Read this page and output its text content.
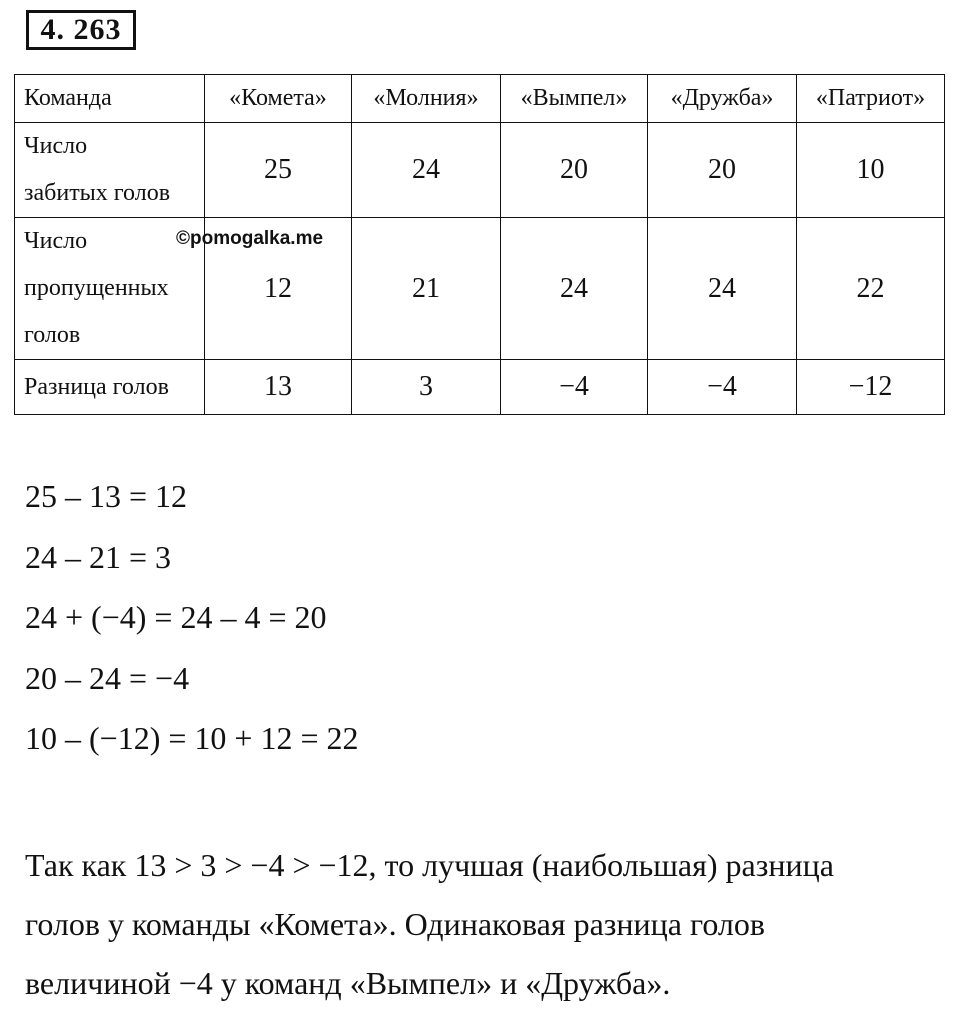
4. 263
Команда	«Комета»	«Молния»	«Вымпел»	«Дружба»	«Патриот»

Число
забитых голов	25	24	20	20	10

Число
пропущенных
голов	12	21	24	24	22

Разница голов	13	3	−4	−4	−12
©pomogalka.me
25 – 13 = 12
24 – 21 = 3
24 + (−4) = 24 – 4 = 20
20 – 24 = −4
10 – (−12) = 10 + 12 = 22
Так как 13 > 3 > −4 > −12, то лучшая (наибольшая) разница
голов у команды «Комета». Одинаковая разница голов
величиной −4 у команд «Вымпел» и «Дружба».
